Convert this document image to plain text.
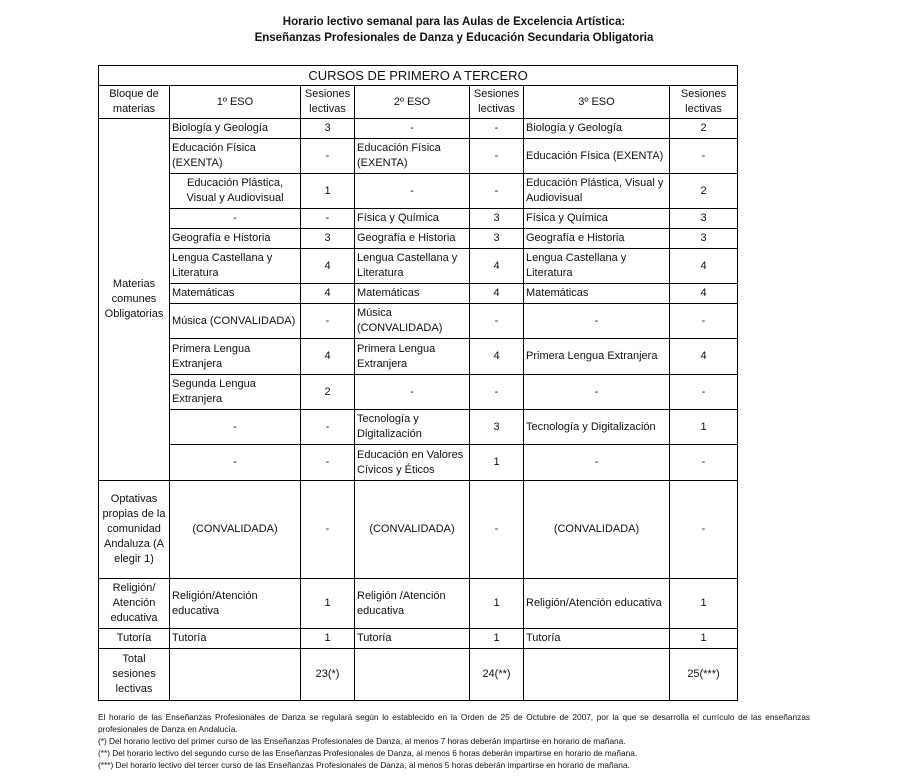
Horario lectivo semanal para las Aulas de Excelencia Artística:
Enseñanzas Profesionales de Danza y Educación Secundaria Obligatoria
CURSOS DE PRIMERO A TERCERO						
Bloque de materias	1º ESO	Sesiones lectivas	2º ESO	Sesiones lectivas	3º ESO	Sesiones lectivas
Materias comunes Obligatorias	Biología y Geología	3	-	-	Biología y Geología	2
	Educación Física (EXENTA)	-	Educación Física (EXENTA)	-	Educación Física (EXENTA)	-
	Educación Plástica, Visual y Audiovisual	1	-	-	Educación Plástica, Visual y Audiovisual	2
	-	-	Física y Química	3	Física y Química	3
	Geografía e Historia	3	Geografía e Historia	3	Geografía e Historia	3
	Lengua Castellana y Literatura	4	Lengua Castellana y Literatura	4	Lengua Castellana y Literatura	4
	Matemáticas	4	Matemáticas	4	Matemáticas	4
	Música (CONVALIDADA)	-	Música (CONVALIDADA)	-	-	-
	Primera Lengua Extranjera	4	Primera Lengua Extranjera	4	Primera Lengua Extranjera	4
	Segunda Lengua Extranjera	2	-	-	-	-
	-	-	Tecnología y Digitalización	3	Tecnología y Digitalización	1
	-	-	Educación en Valores Cívicos y Éticos	1	-	-
Optativas propias de la comunidad Andaluza (A elegir 1)	(CONVALIDADA)	-	(CONVALIDADA)	-	(CONVALIDADA)	-
Religión/ Atención educativa	Religión/Atención educativa	1	Religión /Atención educativa	1	Religión/Atención educativa	1
Tutoría	Tutoría	1	Tutoría	1	Tutoría	1
Total sesiones lectivas		23(*)		24(**)		25(***)

El horario de las Enseñanzas Profesionales de Danza se regulará según lo establecido en la Orden de 25 de Octubre de 2007, por la que se desarrolla el currículo de las enseñanzas profesionales de Danza en Andalucía.

(*) Del horario lectivo del primer curso de las Enseñanzas Profesionales de Danza, al menos 7 horas deberán impartirse en horario de mañana.

(**) Del horario lectivo del segundo curso de las Enseñanzas Profesionales de Danza, al menos 6 horas deberán impartirse en horario de mañana.

(***) Del horario lectivo del tercer curso de las Enseñanzas Profesionales de Danza, al menos 5 horas deberán impartirse en horario de mañana.
